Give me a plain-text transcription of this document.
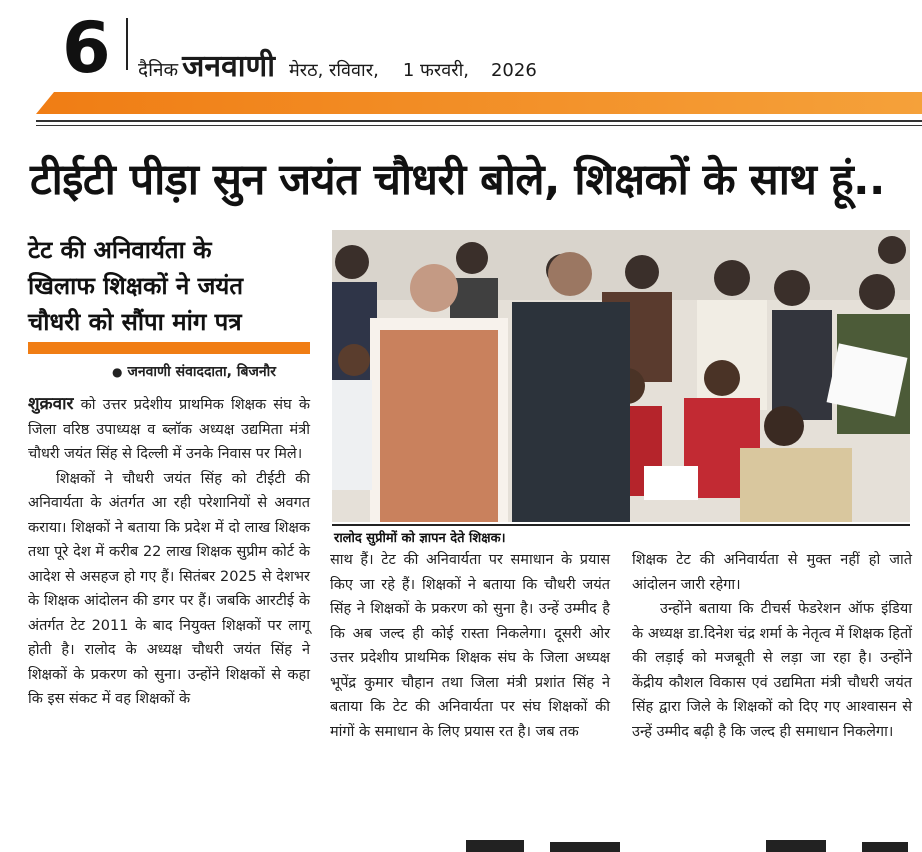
6 दैनिक जनवाणी मेरठ, रविवार, 1 फरवरी, 2026
टीईटी पीड़ा सुन जयंत चौधरी बोले, शिक्षकों के साथ हूं..
टेट की अनिवार्यता के
खिलाफ शिक्षकों ने जयंत
चौधरी को सौंपा मांग पत्र
● जनवाणी संवाददाता, बिजनौर

शुक्रवार को उत्तर प्रदेशीय प्राथमिक शिक्षक संघ के जिला वरिष्ठ उपाध्यक्ष व ब्लॉक अध्यक्ष उद्यमिता मंत्री चौधरी जयंत सिंह से दिल्ली में उनके निवास पर मिले।

शिक्षकों ने चौधरी जयंत सिंह को टीईटी की अनिवार्यता के अंतर्गत आ रही परेशानियों से अवगत कराया। शिक्षकों ने बताया कि प्रदेश में दो लाख शिक्षक तथा पूरे देश में करीब 22 लाख शिक्षक सुप्रीम कोर्ट के आदेश से असहज हो गए हैं। सितंबर 2025 से देशभर के शिक्षक आंदोलन की डगर पर हैं। जबकि आरटीई के अंतर्गत टेट 2011 के बाद नियुक्त शिक्षकों पर लागू होती है। रालोद के अध्यक्ष चौधरी जयंत सिंह ने शिक्षकों के प्रकरण को सुना। उन्होंने शिक्षकों से कहा कि इस संकट में वह शिक्षकों के

रालोद सुप्रीमों को ज्ञापन देते शिक्षक।

साथ हैं। टेट की अनिवार्यता पर समाधान के प्रयास किए जा रहे हैं। शिक्षकों ने बताया कि चौधरी जयंत सिंह ने शिक्षकों के प्रकरण को सुना है। उन्हें उम्मीद है कि अब जल्द ही कोई रास्ता निकलेगा। दूसरी ओर उत्तर प्रदेशीय प्राथमिक शिक्षक संघ के जिला अध्यक्ष भूपेंद्र कुमार चौहान तथा जिला मंत्री प्रशांत सिंह ने बताया कि टेट की अनिवार्यता पर संघ शिक्षकों की मांगों के समाधान के लिए प्रयास रत है। जब तक

शिक्षक टेट की अनिवार्यता से मुक्त नहीं हो जाते आंदोलन जारी रहेगा।

उन्होंने बताया कि टीचर्स फेडरेशन ऑफ इंडिया के अध्यक्ष डा.दिनेश चंद्र शर्मा के नेतृत्व में शिक्षक हितों की लड़ाई को मजबूती से लड़ा जा रहा है। उन्होंने केंद्रीय कौशल विकास एवं उद्यमिता मंत्री चौधरी जयंत सिंह द्वारा जिले के शिक्षकों को दिए गए आश्वासन से उन्हें उम्मीद बढ़ी है कि जल्द ही समाधान निकलेगा।
